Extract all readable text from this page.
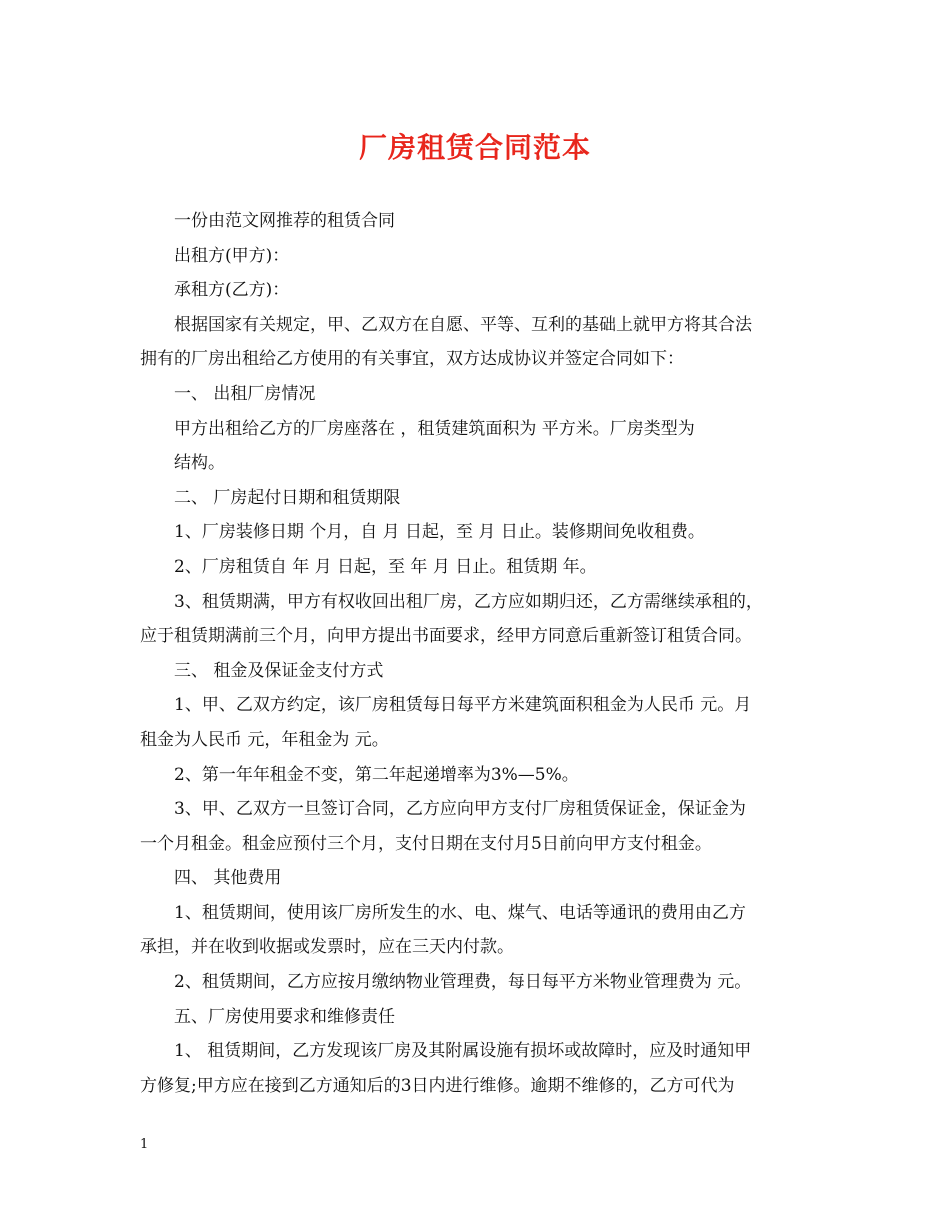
厂房租赁合同范本

一份由范文网推荐的租赁合同

出租方(甲方)：

承租方(乙方)：

根据国家有关规定，甲、乙双方在自愿、平等、互利的基础上就甲方将其合法

拥有的厂房出租给乙方使用的有关事宜，双方达成协议并签定合同如下：

一、 出租厂房情况

甲方出租给乙方的厂房座落在 ，租赁建筑面积为 平方米。厂房类型为

结构。

二、 厂房起付日期和租赁期限

1、厂房装修日期 个月，自 月 日起，至 月 日止。装修期间免收租费。

2、厂房租赁自 年 月 日起，至 年 月 日止。租赁期 年。

3、租赁期满，甲方有权收回出租厂房，乙方应如期归还，乙方需继续承租的，

应于租赁期满前三个月，向甲方提出书面要求，经甲方同意后重新签订租赁合同。

三、 租金及保证金支付方式

1、甲、乙双方约定，该厂房租赁每日每平方米建筑面积租金为人民币 元。月

租金为人民币 元，年租金为 元。

2、第一年年租金不变，第二年起递增率为3%—5%。

3、甲、乙双方一旦签订合同，乙方应向甲方支付厂房租赁保证金，保证金为

一个月租金。租金应预付三个月，支付日期在支付月5日前向甲方支付租金。

四、 其他费用

1、租赁期间，使用该厂房所发生的水、电、煤气、电话等通讯的费用由乙方

承担，并在收到收据或发票时，应在三天内付款。

2、租赁期间，乙方应按月缴纳物业管理费，每日每平方米物业管理费为 元。

五、厂房使用要求和维修责任

1、 租赁期间，乙方发现该厂房及其附属设施有损坏或故障时，应及时通知甲

方修复;甲方应在接到乙方通知后的3日内进行维修。逾期不维修的，乙方可代为

1
